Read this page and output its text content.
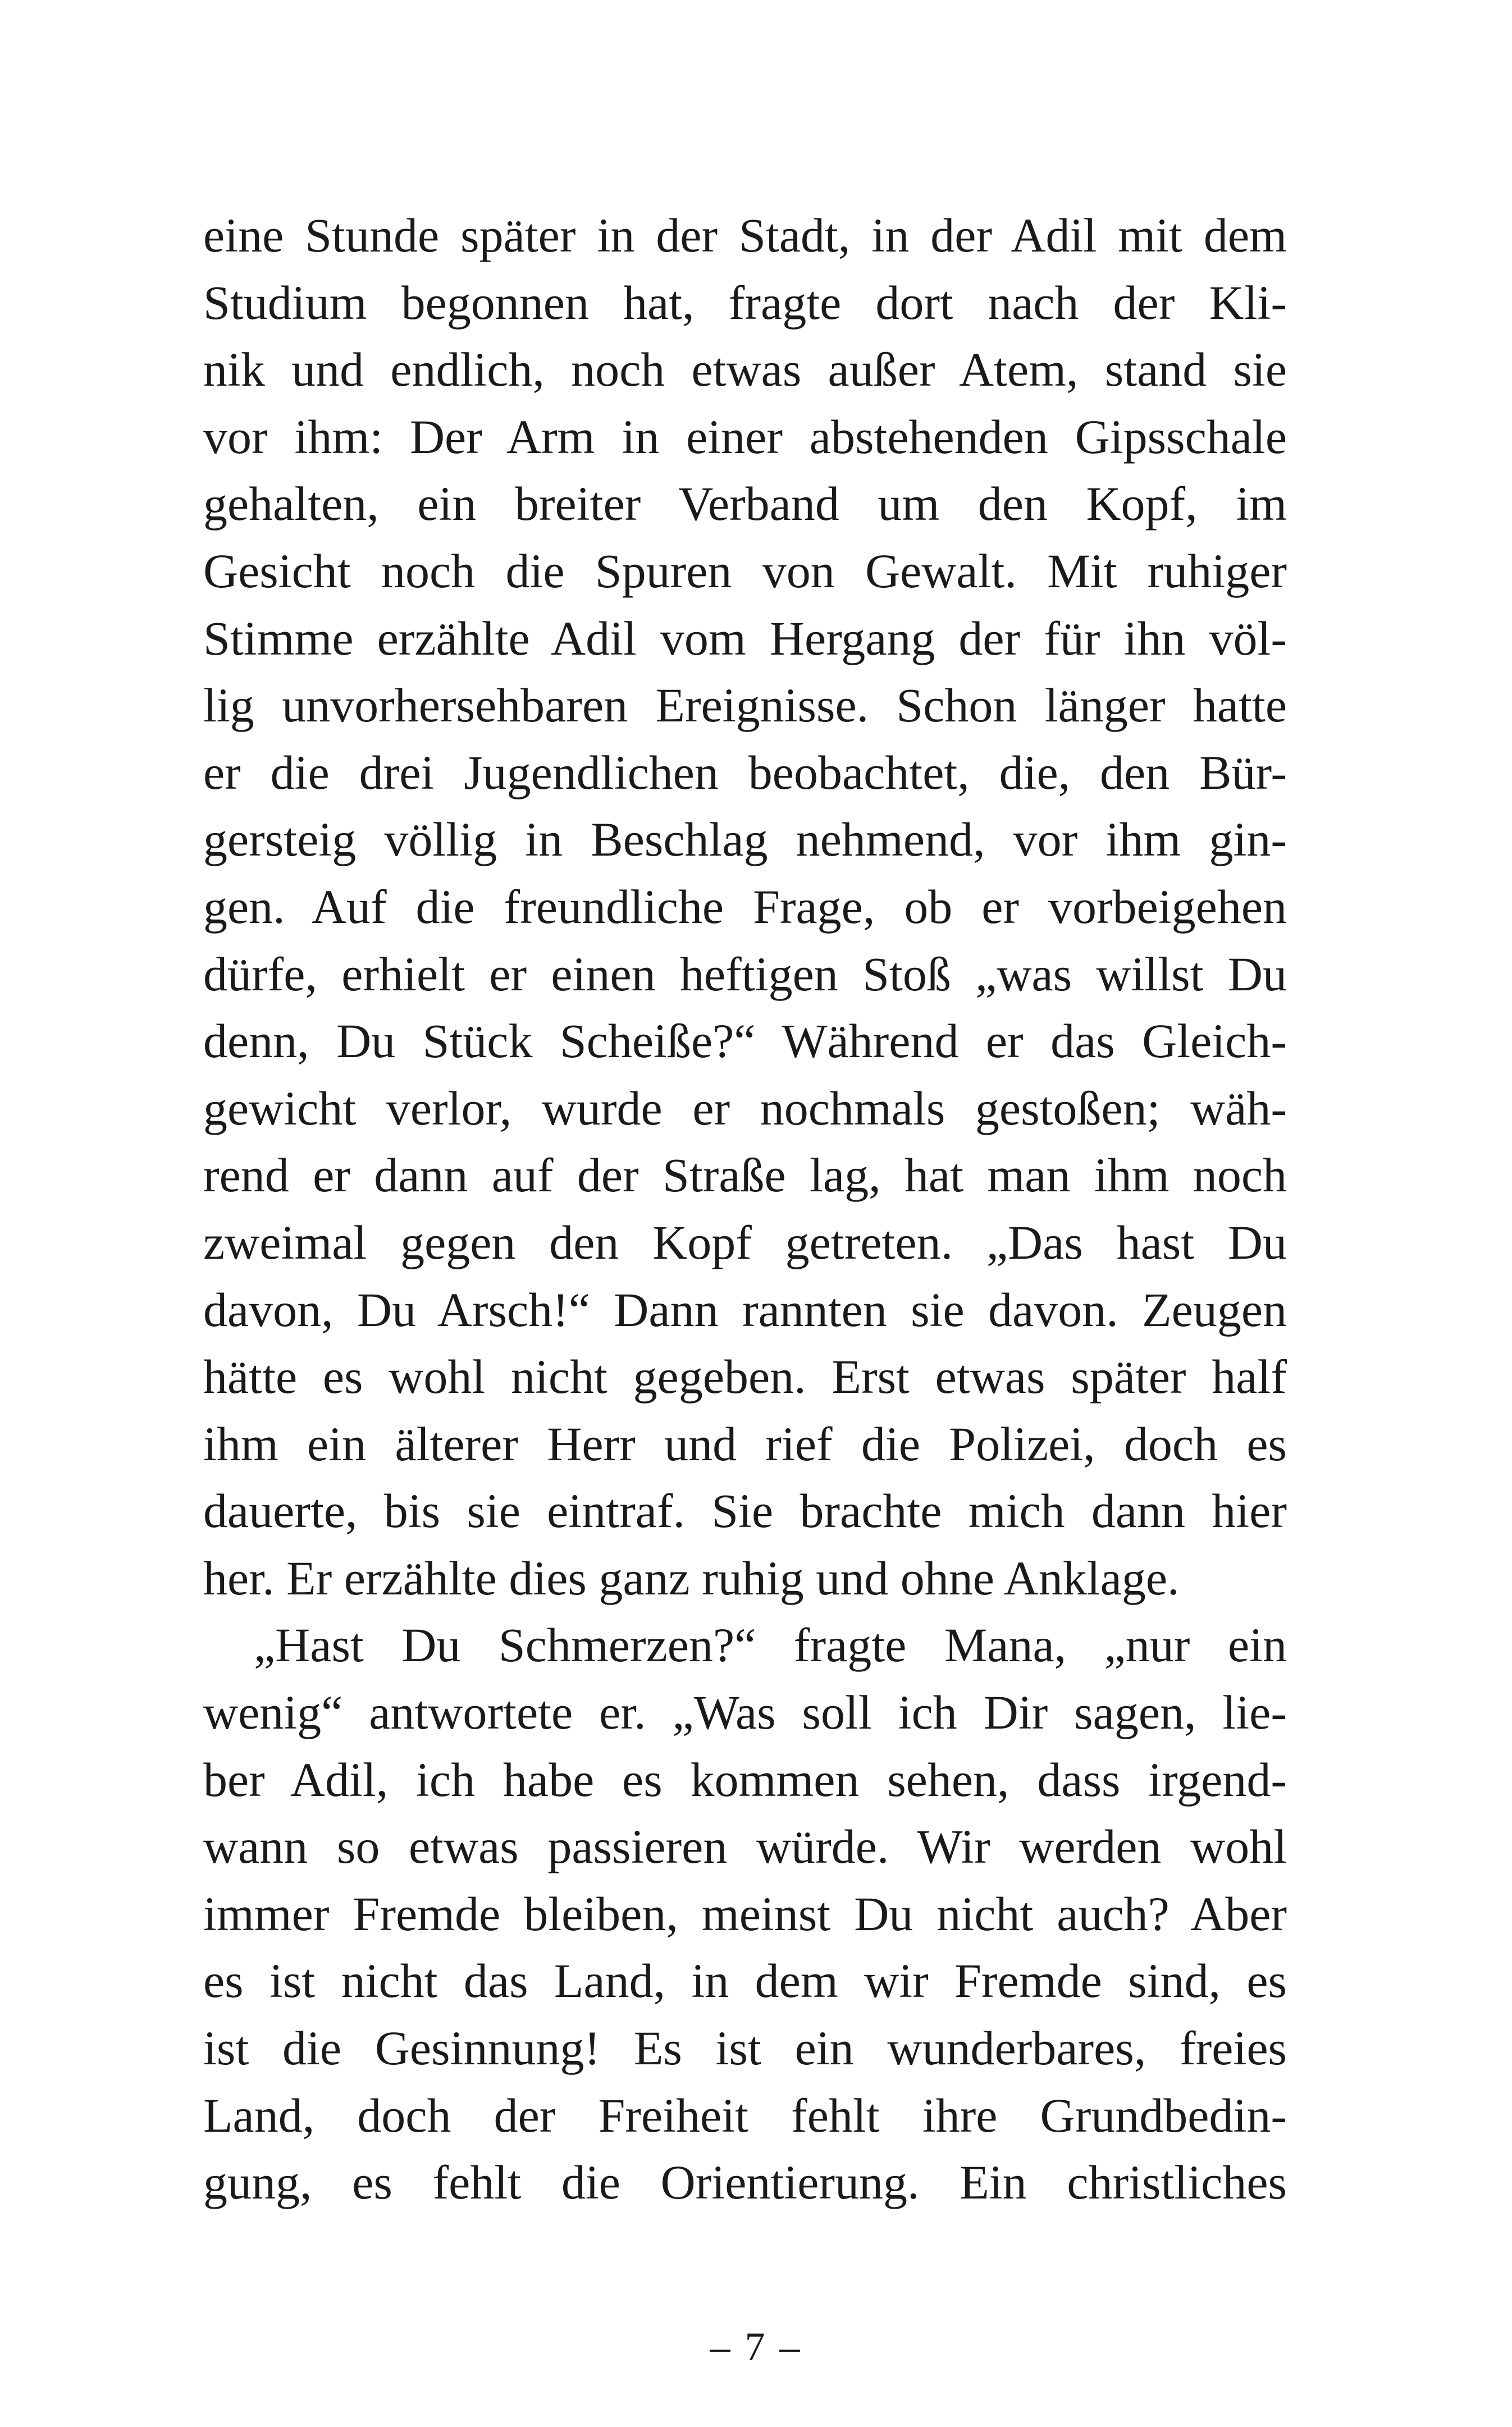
eine Stunde später in der Stadt, in der Adil mit dem
Studium begonnen hat, fragte dort nach der Kli-
nik und endlich, noch etwas außer Atem, stand sie
vor ihm: Der Arm in einer abstehenden Gipsschale
gehalten, ein breiter Verband um den Kopf, im
Gesicht noch die Spuren von Gewalt. Mit ruhiger
Stimme erzählte Adil vom Hergang der für ihn völ-
lig unvorhersehbaren Ereignisse. Schon länger hatte
er die drei Jugendlichen beobachtet, die, den Bür-
gersteig völlig in Beschlag nehmend, vor ihm gin-
gen. Auf die freundliche Frage, ob er vorbeigehen
dürfe, erhielt er einen heftigen Stoß „was willst Du
denn, Du Stück Scheiße?“ Während er das Gleich-
gewicht verlor, wurde er nochmals gestoßen; wäh-
rend er dann auf der Straße lag, hat man ihm noch
zweimal gegen den Kopf getreten. „Das hast Du
davon, Du Arsch!“ Dann rannten sie davon. Zeugen
hätte es wohl nicht gegeben. Erst etwas später half
ihm ein älterer Herr und rief die Polizei, doch es
dauerte, bis sie eintraf. Sie brachte mich dann hier
her. Er erzählte dies ganz ruhig und ohne Anklage.
„Hast Du Schmerzen?“ fragte Mana, „nur ein
wenig“ antwortete er. „Was soll ich Dir sagen, lie-
ber Adil, ich habe es kommen sehen, dass irgend-
wann so etwas passieren würde. Wir werden wohl
immer Fremde bleiben, meinst Du nicht auch? Aber
es ist nicht das Land, in dem wir Fremde sind, es
ist die Gesinnung! Es ist ein wunderbares, freies
Land, doch der Freiheit fehlt ihre Grundbedin-
gung, es fehlt die Orientierung. Ein christliches
– 7 –
